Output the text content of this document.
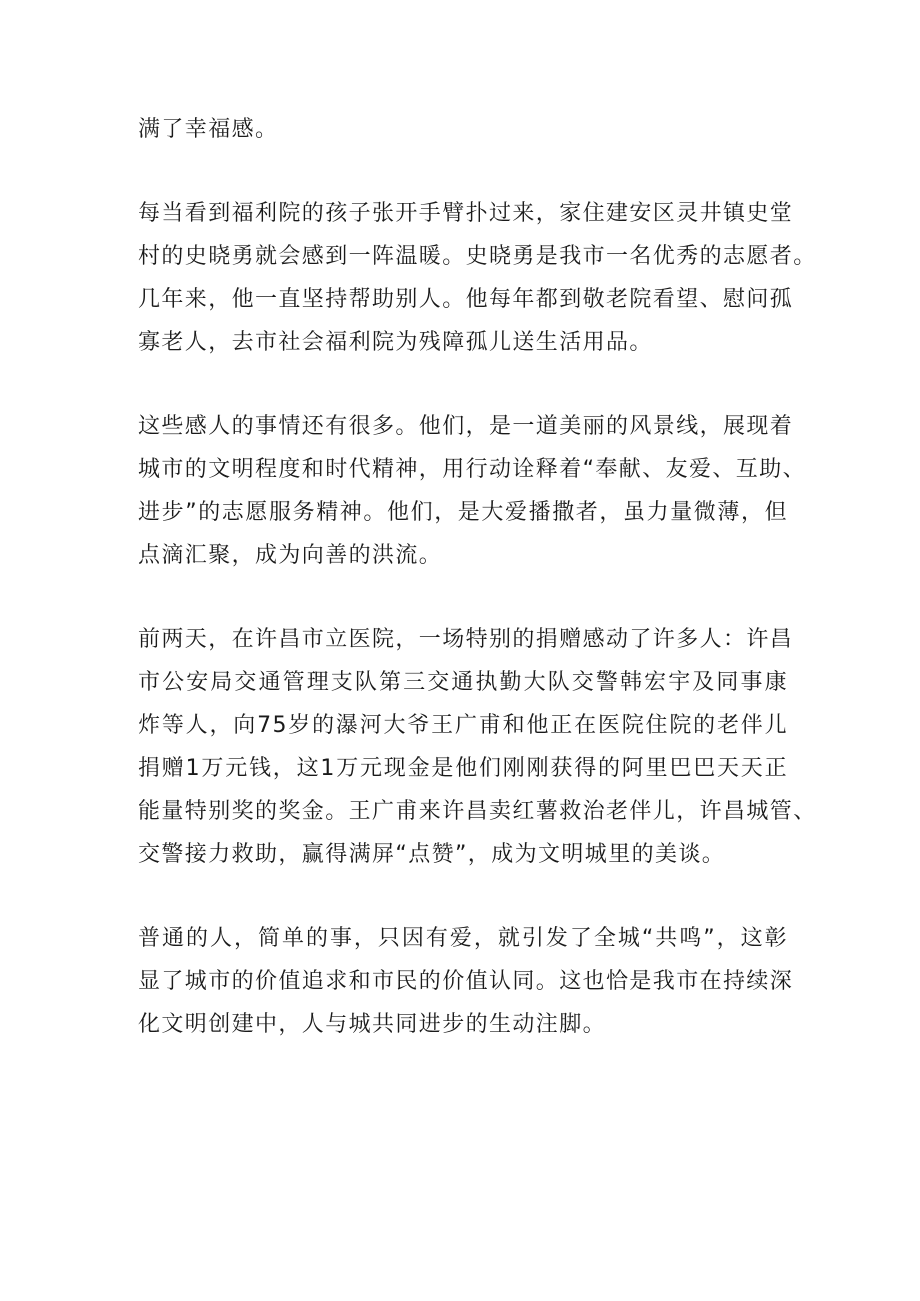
满了幸福感。
每当看到福利院的孩子张开手臂扑过来，家住建安区灵井镇史堂
村的史晓勇就会感到一阵温暖。史晓勇是我市一名优秀的志愿者。
几年来，他一直坚持帮助别人。他每年都到敬老院看望、慰问孤
寡老人，去市社会福利院为残障孤儿送生活用品。
这些感人的事情还有很多。他们，是一道美丽的风景线，展现着
城市的文明程度和时代精神，用行动诠释着“奉献、友爱、互助、
进步”的志愿服务精神。他们，是大爱播撒者，虽力量微薄，但
点滴汇聚，成为向善的洪流。
前两天，在许昌市立医院，一场特别的捐赠感动了许多人：许昌
市公安局交通管理支队第三交通执勤大队交警韩宏宇及同事康
炸等人，向75岁的瀑河大爷王广甫和他正在医院住院的老伴儿
捐赠1万元钱，这1万元现金是他们刚刚获得的阿里巴巴天天正
能量特别奖的奖金。王广甫来许昌卖红薯救治老伴儿，许昌城管、
交警接力救助，赢得满屏“点赞”，成为文明城里的美谈。
普通的人，简单的事，只因有爱，就引发了全城“共鸣”，这彰
显了城市的价值追求和市民的价值认同。这也恰是我市在持续深
化文明创建中，人与城共同进步的生动注脚。
